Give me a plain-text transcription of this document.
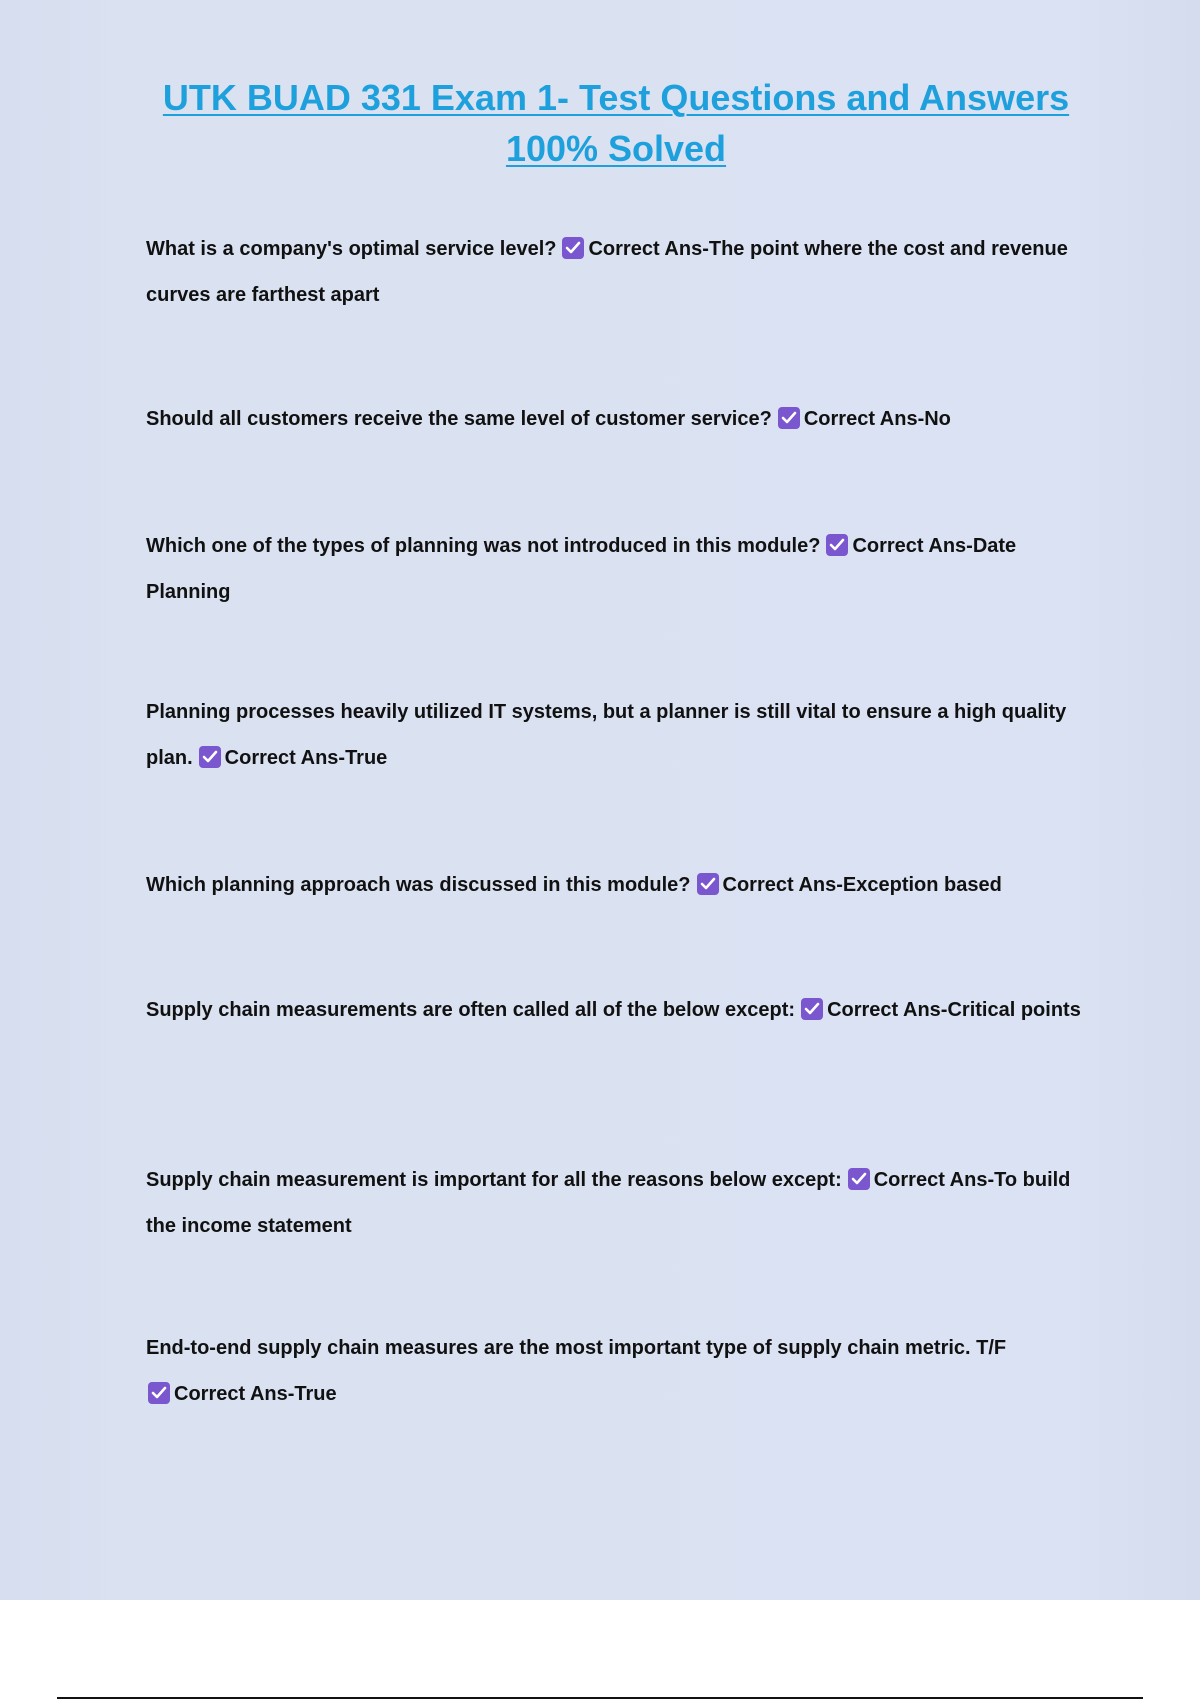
UTK BUAD 331 Exam 1- Test Questions and Answers
100% Solved

What is a company's optimal service level? Correct Ans-The point where the cost and revenue curves are farthest apart

Should all customers receive the same level of customer service? Correct Ans-No

Which one of the types of planning was not introduced in this module? Correct Ans-Date Planning

Planning processes heavily utilized IT systems, but a planner is still vital to ensure a high quality plan. Correct Ans-True

Which planning approach was discussed in this module? Correct Ans-Exception based

Supply chain measurements are often called all of the below except: Correct Ans-Critical points

Supply chain measurement is important for all the reasons below except: Correct Ans-To build the income statement

End-to-end supply chain measures are the most important type of supply chain metric. T/F

Correct Ans-True
